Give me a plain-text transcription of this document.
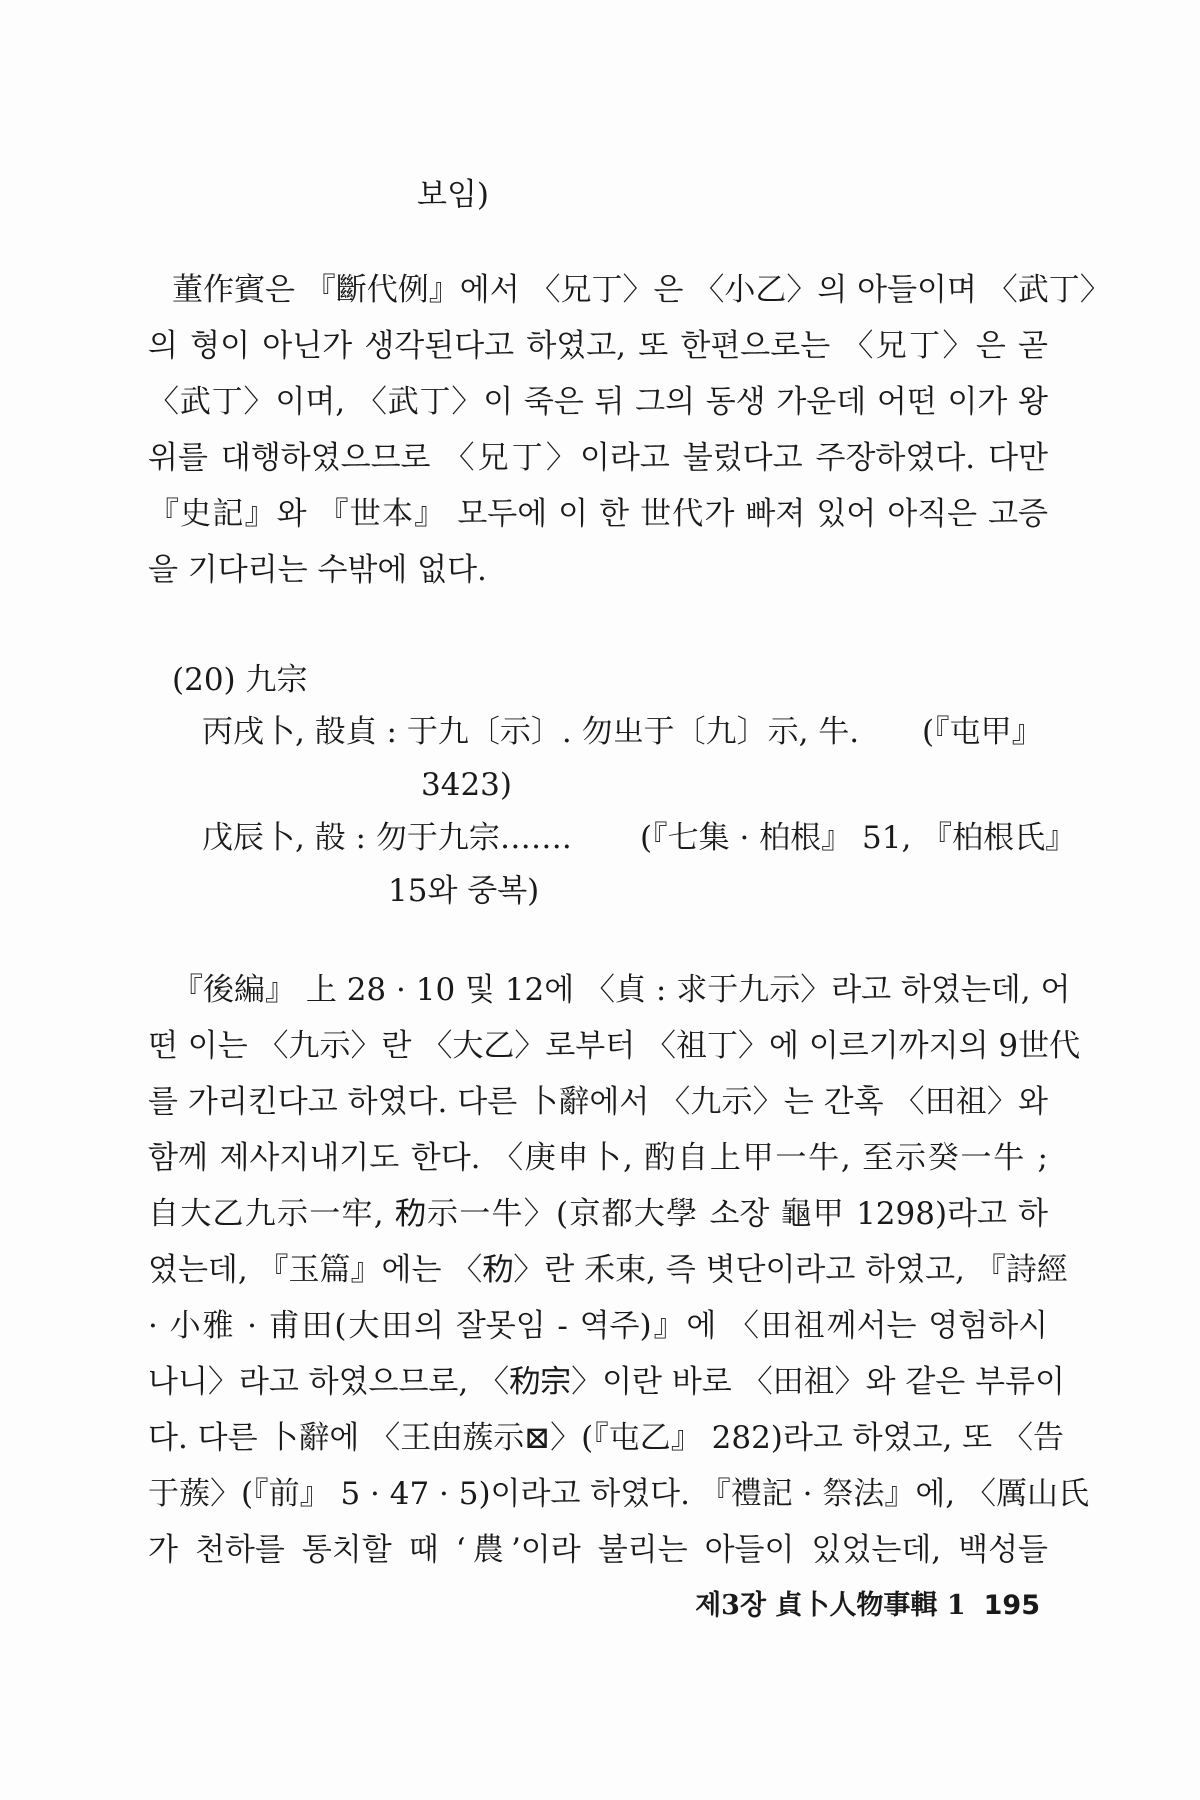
보임)
董作賓은 『斷代例』에서 〈兄丁〉은 〈小乙〉의 아들이며 〈武丁〉
의 형이 아닌가 생각된다고 하였고, 또 한편으로는 〈兄丁〉은 곧
〈武丁〉이며, 〈武丁〉이 죽은 뒤 그의 동생 가운데 어떤 이가 왕
위를 대행하였으므로 〈兄丁〉이라고 불렀다고 주장하였다. 다만
『史記』와 『世本』 모두에 이 한 世代가 빠져 있어 아직은 고증
을 기다리는 수밖에 없다.
(20) 九宗
丙戌卜, 㱿貞 : 于九〔示〕. 勿㞢于〔九〕示, 牛. (『屯甲』
3423)
戊辰卜, 㱿 : 勿于九宗……. (『七集 · 柏根』 51, 『柏根氏』
15와 중복)
『後編』 上 28 · 10 및 12에 〈貞 : 求于九示〉라고 하였는데, 어
떤 이는 〈九示〉란 〈大乙〉로부터 〈祖丁〉에 이르기까지의 9世代
를 가리킨다고 하였다. 다른 卜辭에서 〈九示〉는 간혹 〈田祖〉와
함께 제사지내기도 한다. 〈庚申卜, 酌自上甲一牛, 至示癸一牛 ;
自大乙九示一牢, 𥝢示一牛〉(京都大學 소장 龜甲 1298)라고 하
였는데, 『玉篇』에는 〈𥝢〉란 禾束, 즉 볏단이라고 하였고, 『詩經
· 小雅 · 甫田(大田의 잘못임 - 역주)』에 〈田祖께서는 영험하시
나니〉라고 하였으므로, 〈𥝢宗〉이란 바로 〈田祖〉와 같은 부류이
다. 다른 卜辭에 〈王甶蔟示⊠〉(『屯乙』 282)라고 하였고, 또 〈告
于蔟〉(『前』 5 · 47 · 5)이라고 하였다. 『禮記 · 祭法』에, 〈厲山氏
가 천하를 통치할 때 ‘農’이라 불리는 아들이 있었는데, 백성들
제3장 貞卜人物事輯 1 195
